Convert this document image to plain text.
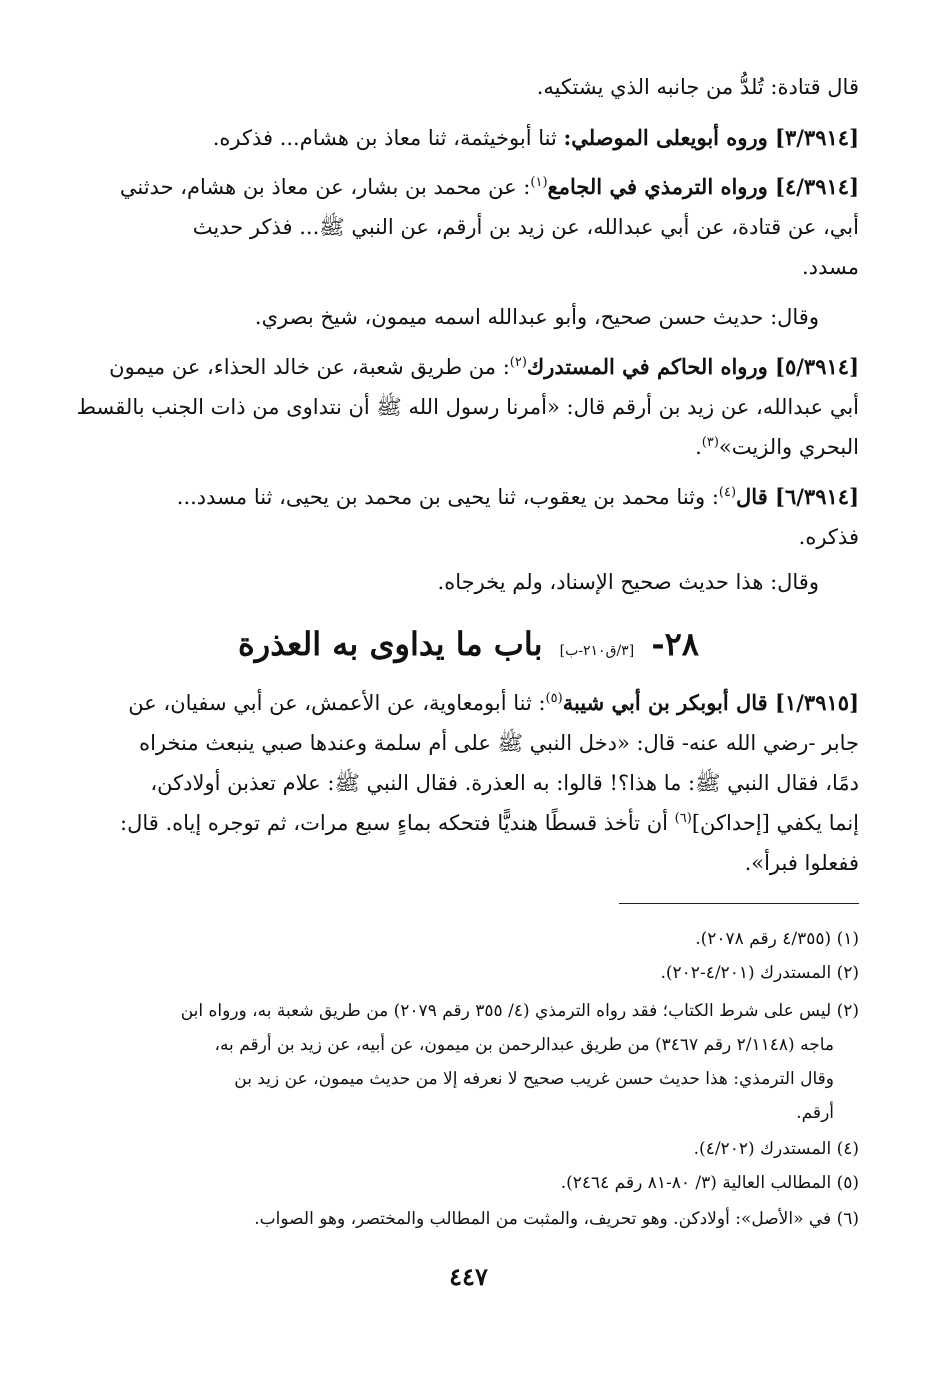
قال قتادة: تُلدُّ من جانبه الذي يشتكيه.
[٣/٣٩١٤] وروه أبويعلى الموصلي: ثنا أبوخيثمة، ثنا معاذ بن هشام... فذكره.
[٤/٣٩١٤] ورواه الترمذي في الجامع$^{(١)}$: عن محمد بن بشار، عن معاذ بن هشام، حدثني
أبي، عن قتادة، عن أبي عبدالله، عن زيد بن أرقم، عن النبي ﷺ... فذكر حديث
مسدد.
وقال: حديث حسن صحيح، وأبو عبدالله اسمه ميمون، شيخ بصري.
[٥/٣٩١٤] ورواه الحاكم في المستدرك$^{(٢)}$: من طريق شعبة، عن خالد الحذاء، عن ميمون
أبي عبدالله، عن زيد بن أرقم قال: «أمرنا رسول الله ﷺ أن نتداوى من ذات الجنب بالقسط
البحري والزيت»$^{(٣)}$.
[٦/٣٩١٤] قال$^{(٤)}$: وثنا محمد بن يعقوب، ثنا يحيى بن محمد بن يحيى، ثنا مسدد...
فذكره.
وقال: هذا حديث صحيح الإسناد، ولم يخرجاه.
٢٨- [٣/ق٢١٠-ب] باب ما يداوى به العذرة
[١/٣٩١٥] قال أبوبكر بن أبي شيبة$^{(٥)}$: ثنا أبومعاوية، عن الأعمش، عن أبي سفيان، عن
جابر -رضي الله عنه- قال: «دخل النبي ﷺ على أم سلمة وعندها صبي ينبعث منخراه
دمًا، فقال النبي ﷺ: ما هذا؟! قالوا: به العذرة. فقال النبي ﷺ: علام تعذبن أولادكن،
إنما يكفي [إحداكن]$^{(٦)}$ أن تأخذ قسطًا هنديًّا فتحكه بماءٍ سبع مرات، ثم توجره إياه. قال:
ففعلوا فبرأ».
(١) (٤/٣٥٥ رقم ٢٠٧٨).
(٢) المستدرك (٤/٢٠١-٢٠٢).
(٢) ليس على شرط الكتاب؛ فقد رواه الترمذي (٤/ ٣٥٥ رقم ٢٠٧٩) من طريق شعبة به، ورواه ابن
ماجه (٢/١١٤٨ رقم ٣٤٦٧) من طريق عبدالرحمن بن ميمون، عن أبيه، عن زيد بن أرقم به،
وقال الترمذي: هذا حديث حسن غريب صحيح لا نعرفه إلا من حديث ميمون، عن زيد بن
أرقم.
(٤) المستدرك (٤/٢٠٢).
(٥) المطالب العالية (٣/ ٨٠-٨١ رقم ٢٤٦٤).
(٦) في «الأصل»: أولادكن. وهو تحريف، والمثبت من المطالب والمختصر، وهو الصواب.
٤٤٧
